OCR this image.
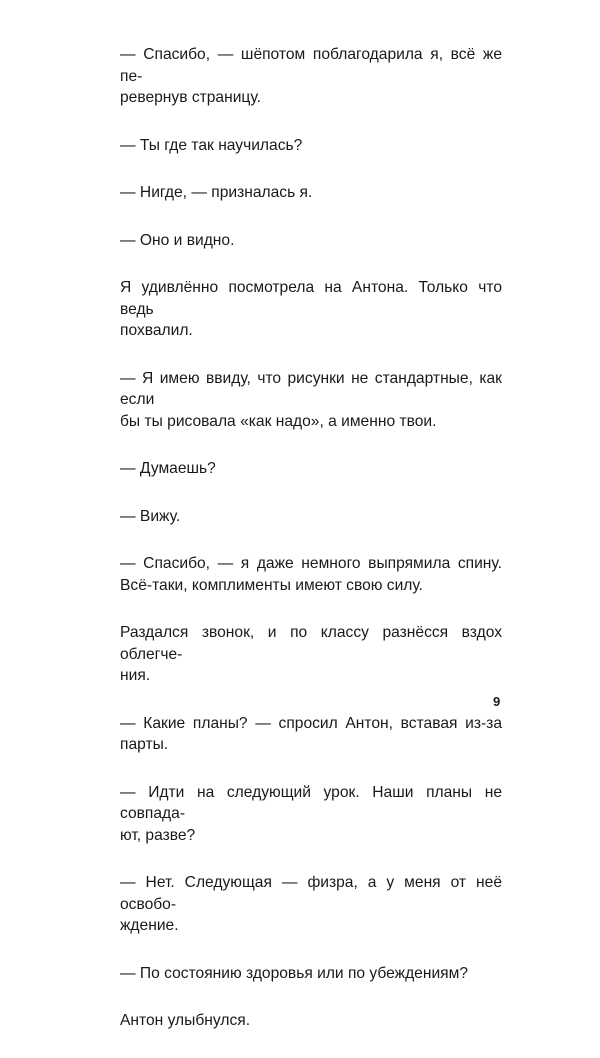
— Спасибо, — шёпотом поблагодарила я, всё же пе-
ревернув страницу.

— Ты где так научилась?

— Нигде, — призналась я.

— Оно и видно.

Я удивлённо посмотрела на Антона. Только что ведь
похвалил.

— Я имею ввиду, что рисунки не стандартные, как если
бы ты рисовала «как надо», а именно твои.

— Думаешь?

— Вижу.

— Спасибо, — я даже немного выпрямила спину.
Всё-таки, комплименты имеют свою силу.

Раздался звонок, и по классу разнёсся вздох облегче-
ния.

— Какие планы? — спросил Антон, вставая из-за парты.

— Идти на следующий урок. Наши планы не совпада-
ют, разве?

— Нет. Следующая — физра, а у меня от неё освобо-
ждение.

— По состоянию здоровья или по убеждениям?

Антон улыбнулся.

9
